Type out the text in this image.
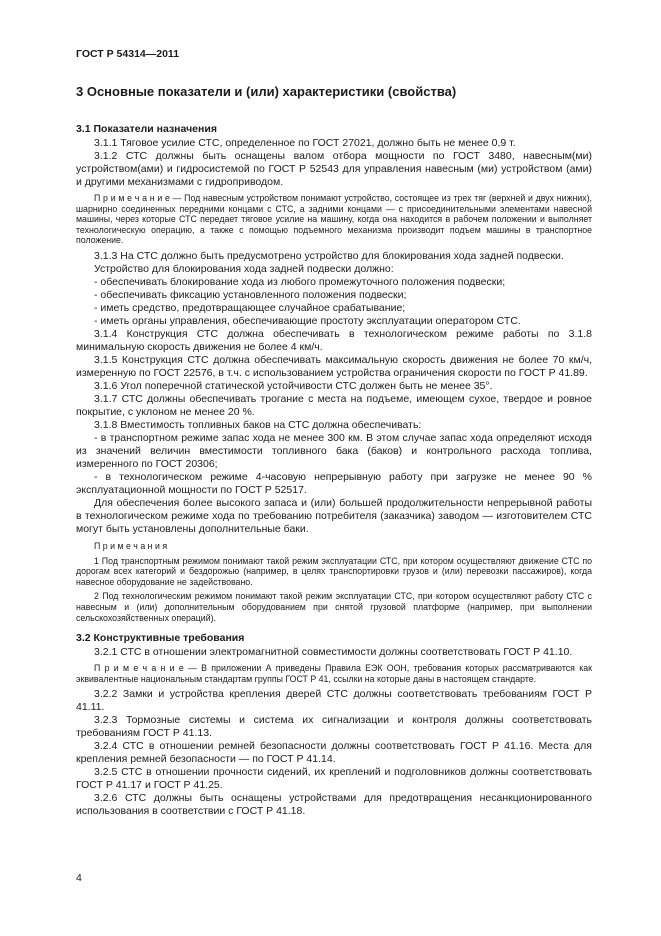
ГОСТ Р 54314—2011
3 Основные показатели и (или) характеристики (свойства)
3.1 Показатели назначения
3.1.1 Тяговое усилие СТС, определенное по ГОСТ 27021, должно быть не менее 0,9 т.
3.1.2 СТС должны быть оснащены валом отбора мощности по ГОСТ 3480, навесным(ми) устройством(ами) и гидросистемой по ГОСТ Р 52543 для управления навесным (ми) устройством (ами) и другими механизмами с гидроприводом.
П р и м е ч а н и е — Под навесным устройством понимают устройство, состоящее из трех тяг (верхней и двух нижних), шарнирно соединенных передними концами с СТС, а задними концами — с присоединительными элементами навесной машины, через которые СТС передает тяговое усилие на машину, когда она находится в рабочем положении и выполняет технологическую операцию, а также с помощью подъемного механизма производит подъем машины в транспортное положение.
3.1.3 На СТС должно быть предусмотрено устройство для блокирования хода задней подвески.
Устройство для блокирования хода задней подвески должно:
- обеспечивать блокирование хода из любого промежуточного положения подвески;
- обеспечивать фиксацию установленного положения подвески;
- иметь средство, предотвращающее случайное срабатывание;
- иметь органы управления, обеспечивающие простоту эксплуатации оператором СТС.
3.1.4 Конструкция СТС должна обеспечивать в технологическом режиме работы по 3.1.8 минимальную скорость движения не более 4 км/ч.
3.1.5 Конструкция СТС должна обеспечивать максимальную скорость движения не более 70 км/ч, измеренную по ГОСТ 22576, в т.ч. с использованием устройства ограничения скорости по ГОСТ Р 41.89.
3.1.6 Угол поперечной статической устойчивости СТС должен быть не менее 35°.
3.1.7 СТС должны обеспечивать трогание с места на подъеме, имеющем сухое, твердое и ровное покрытие, с уклоном не менее 20 %.
3.1.8 Вместимость топливных баков на СТС должна обеспечивать:
- в транспортном режиме запас хода не менее 300 км. В этом случае запас хода определяют исходя из значений величин вместимости топливного бака (баков) и контрольного расхода топлива, измеренного по ГОСТ 20306;
- в технологическом режиме 4-часовую непрерывную работу при загрузке не менее 90 % эксплуатационной мощности по ГОСТ Р 52517.
Для обеспечения более высокого запаса и (или) большей продолжительности непрерывной работы в технологическом режиме хода по требованию потребителя (заказчика) заводом — изготовителем СТС могут быть установлены дополнительные баки.
П р и м е ч а н и я
1 Под транспортным режимом понимают такой режим эксплуатации СТС, при котором осуществляют движение СТС по дорогам всех категорий и бездорожью (например, в целях транспортировки грузов и (или) перевозки пассажиров), когда навесное оборудование не задействовано.
2 Под технологическим режимом понимают такой режим эксплуатации СТС, при котором осуществляют работу СТС с навесным и (или) дополнительным оборудованием при снятой грузовой платформе (например, при выполнении сельскохозяйственных операций).
3.2 Конструктивные требования
3.2.1 СТС в отношении электромагнитной совместимости должны соответствовать ГОСТ Р 41.10.
П р и м е ч а н и е — В приложении А приведены Правила ЕЭК ООН, требования которых рассматриваются как эквивалентные национальным стандартам группы ГОСТ Р 41, ссылки на которые даны в настоящем стандарте.
3.2.2 Замки и устройства крепления дверей СТС должны соответствовать требованиям ГОСТ Р 41.11.
3.2.3 Тормозные системы и система их сигнализации и контроля должны соответствовать требованиям ГОСТ Р 41.13.
3.2.4 СТС в отношении ремней безопасности должны соответствовать ГОСТ Р 41.16. Места для крепления ремней безопасности — по ГОСТ Р 41.14.
3.2.5 СТС в отношении прочности сидений, их креплений и подголовников должны соответствовать ГОСТ Р 41.17 и ГОСТ Р 41.25.
3.2.6 СТС должны быть оснащены устройствами для предотвращения несанкционированного использования в соответствии с ГОСТ Р 41.18.
4
